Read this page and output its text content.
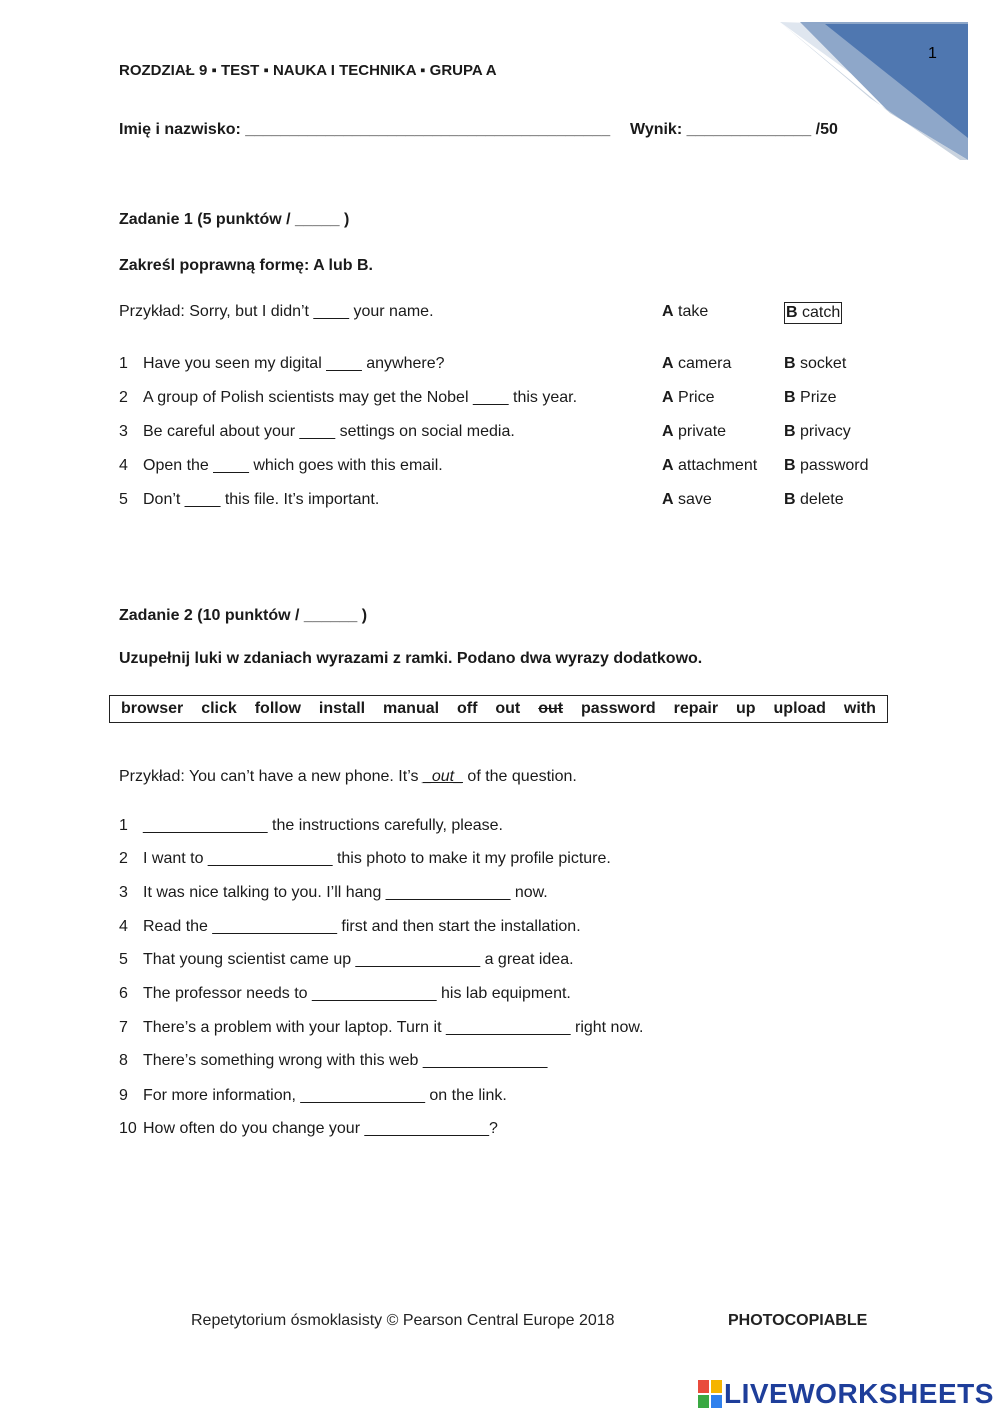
1
ROZDZIAŁ 9 ▪ TEST ▪ NAUKA I TECHNIKA ▪ GRUPA A
Imię i nazwisko: _________________________________________ Wynik: ______________ /50
Zadanie 1 (5 punktów / _____ )
Zakreśl poprawną formę: A lub B.
Przykład: Sorry, but I didn’t ____ your name.	A take	B catch
1 Have you seen my digital ____ anywhere?	A camera	B socket
2 A group of Polish scientists may get the Nobel ____ this year.	A Price	B Prize
3 Be careful about your ____ settings on social media.	A private	B privacy
4 Open the ____ which goes with this email.	A attachment B password
5 Don’t ____ this file. It’s important.	A save	B delete
Zadanie 2 (10 punktów / ______ )
Uzupełnij luki w zdaniach wyrazami z ramki. Podano dwa wyrazy dodatkowo.
browser click follow install manual off out out password repair up upload with
Przykład: You can’t have a new phone. It’s _out_ of the question.
1 ______________ the instructions carefully, please.
2 I want to ______________ this photo to make it my profile picture.
3 It was nice talking to you. I’ll hang ______________ now.
4 Read the ______________ first and then start the installation.
5 That young scientist came up ______________ a great idea.
6 The professor needs to ______________ his lab equipment.
7 There’s a problem with your laptop. Turn it ______________ right now.
8 There’s something wrong with this web ______________
9 For more information, ______________ on the link.
10 How often do you change your ______________?
Repetytorium ósmoklasisty © Pearson Central Europe 2018	PHOTOCOPIABLE
LIVEWORKSHEETS
